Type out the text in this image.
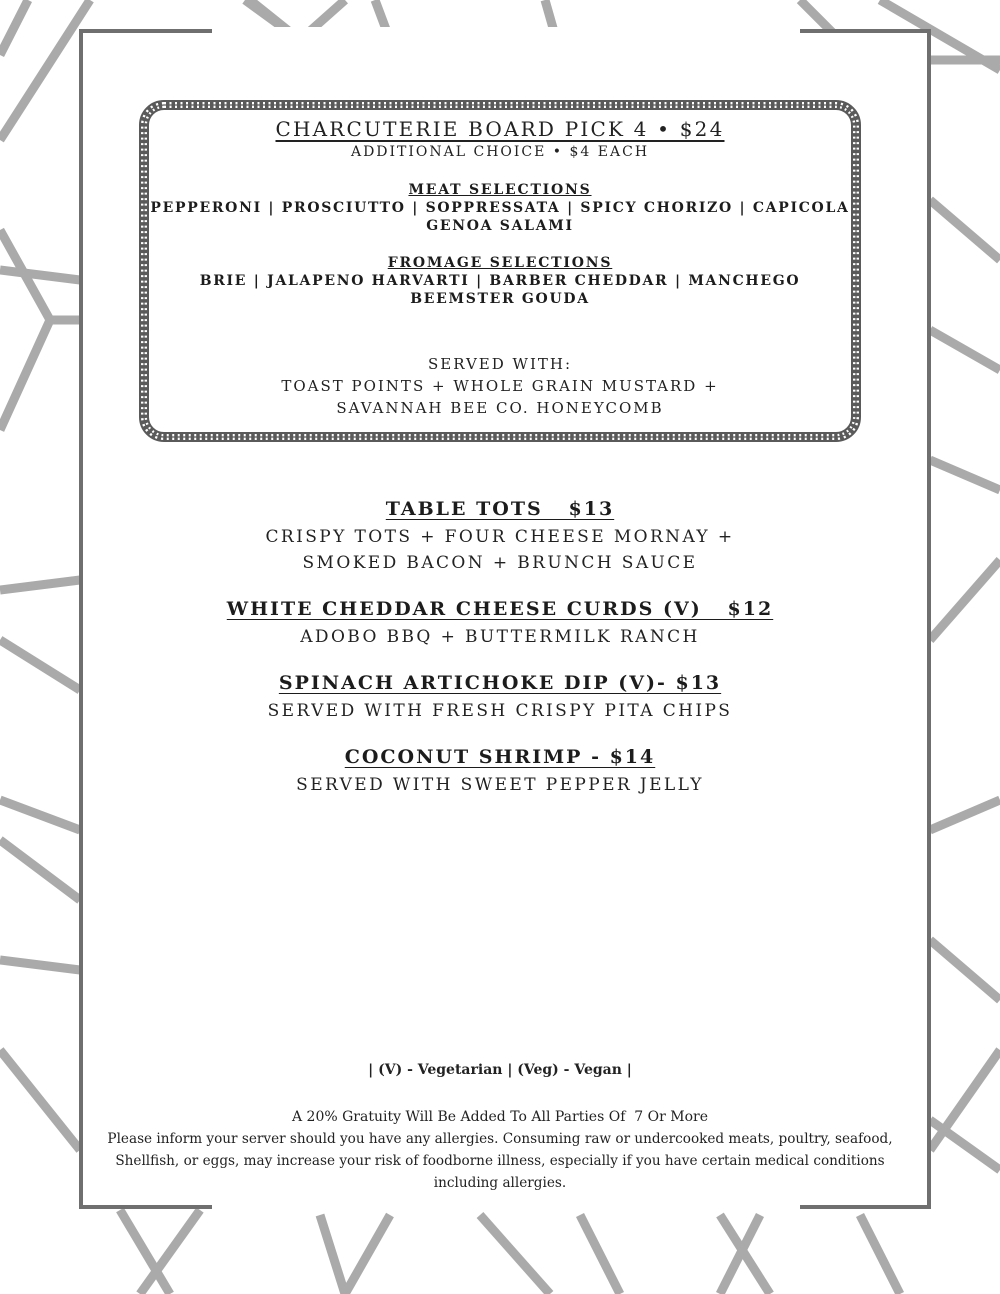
CHARCUTERIE BOARD PICK 4 • $24
ADDITIONAL CHOICE • $4 EACH
MEAT SELECTIONS
PEPPERONI | PROSCIUTTO | SOPPRESSATA | SPICY CHORIZO | CAPICOLA
GENOA SALAMI
FROMAGE SELECTIONS
BRIE | JALAPENO HARVARTI | BARBER CHEDDAR | MANCHEGO
BEEMSTER GOUDA
SERVED WITH:
TOAST POINTS + WHOLE GRAIN MUSTARD +
SAVANNAH BEE CO. HONEYCOMB
TABLE TOTS   $13
CRISPY TOTS + FOUR CHEESE MORNAY +
SMOKED BACON + BRUNCH SAUCE
WHITE CHEDDAR CHEESE CURDS (V)   $12
ADOBO BBQ + BUTTERMILK RANCH
SPINACH ARTICHOKE DIP (V)- $13
SERVED WITH FRESH CRISPY PITA CHIPS
COCONUT SHRIMP - $14
SERVED WITH SWEET PEPPER JELLY
| (V) - Vegetarian | (Veg) - Vegan |
A 20% Gratuity Will Be Added To All Parties Of  7 Or More
Please inform your server should you have any allergies. Consuming raw or undercooked meats, poultry, seafood, Shellfish, or eggs, may increase your risk of foodborne illness, especially if you have certain medical conditions including allergies.
